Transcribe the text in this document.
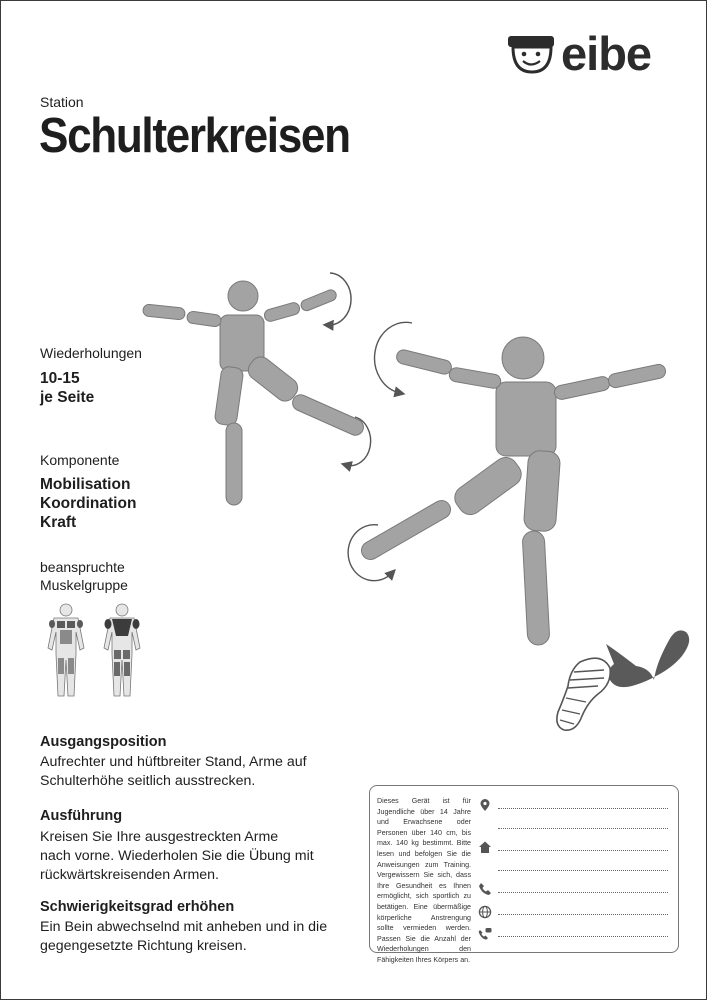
eibe
Station
Schulterkreisen
Wiederholungen
10-15
je Seite
Komponente
Mobilisation
Koordination
Kraft
beanspruchte
Muskelgruppe
Ausgangsposition
Aufrechter und hüftbreiter Stand, Arme auf
Schulterhöhe seitlich ausstrecken.
Ausführung
Kreisen Sie Ihre ausgestreckten Arme
nach vorne. Wiederholen Sie die Übung mit
rückwärtskreisenden Armen.
Schwierigkeitsgrad erhöhen
Ein Bein abwechselnd mit anheben und in die
gegengesetzte Richtung kreisen.
Dieses Gerät ist für Jugendliche über 14 Jahre und Erwachsene oder Personen über 140 cm, bis max. 140 kg bestimmt. Bitte lesen und befolgen Sie die Anweisungen zum Training. Vergewissern Sie sich, dass Ihre Gesundheit es Ihnen ermöglicht, sich sportlich zu betätigen. Eine übermäßige körperliche Anstrengung sollte vermieden werden. Passen Sie die Anzahl der Wiederholungen den Fähigkeiten Ihres Körpers an.
